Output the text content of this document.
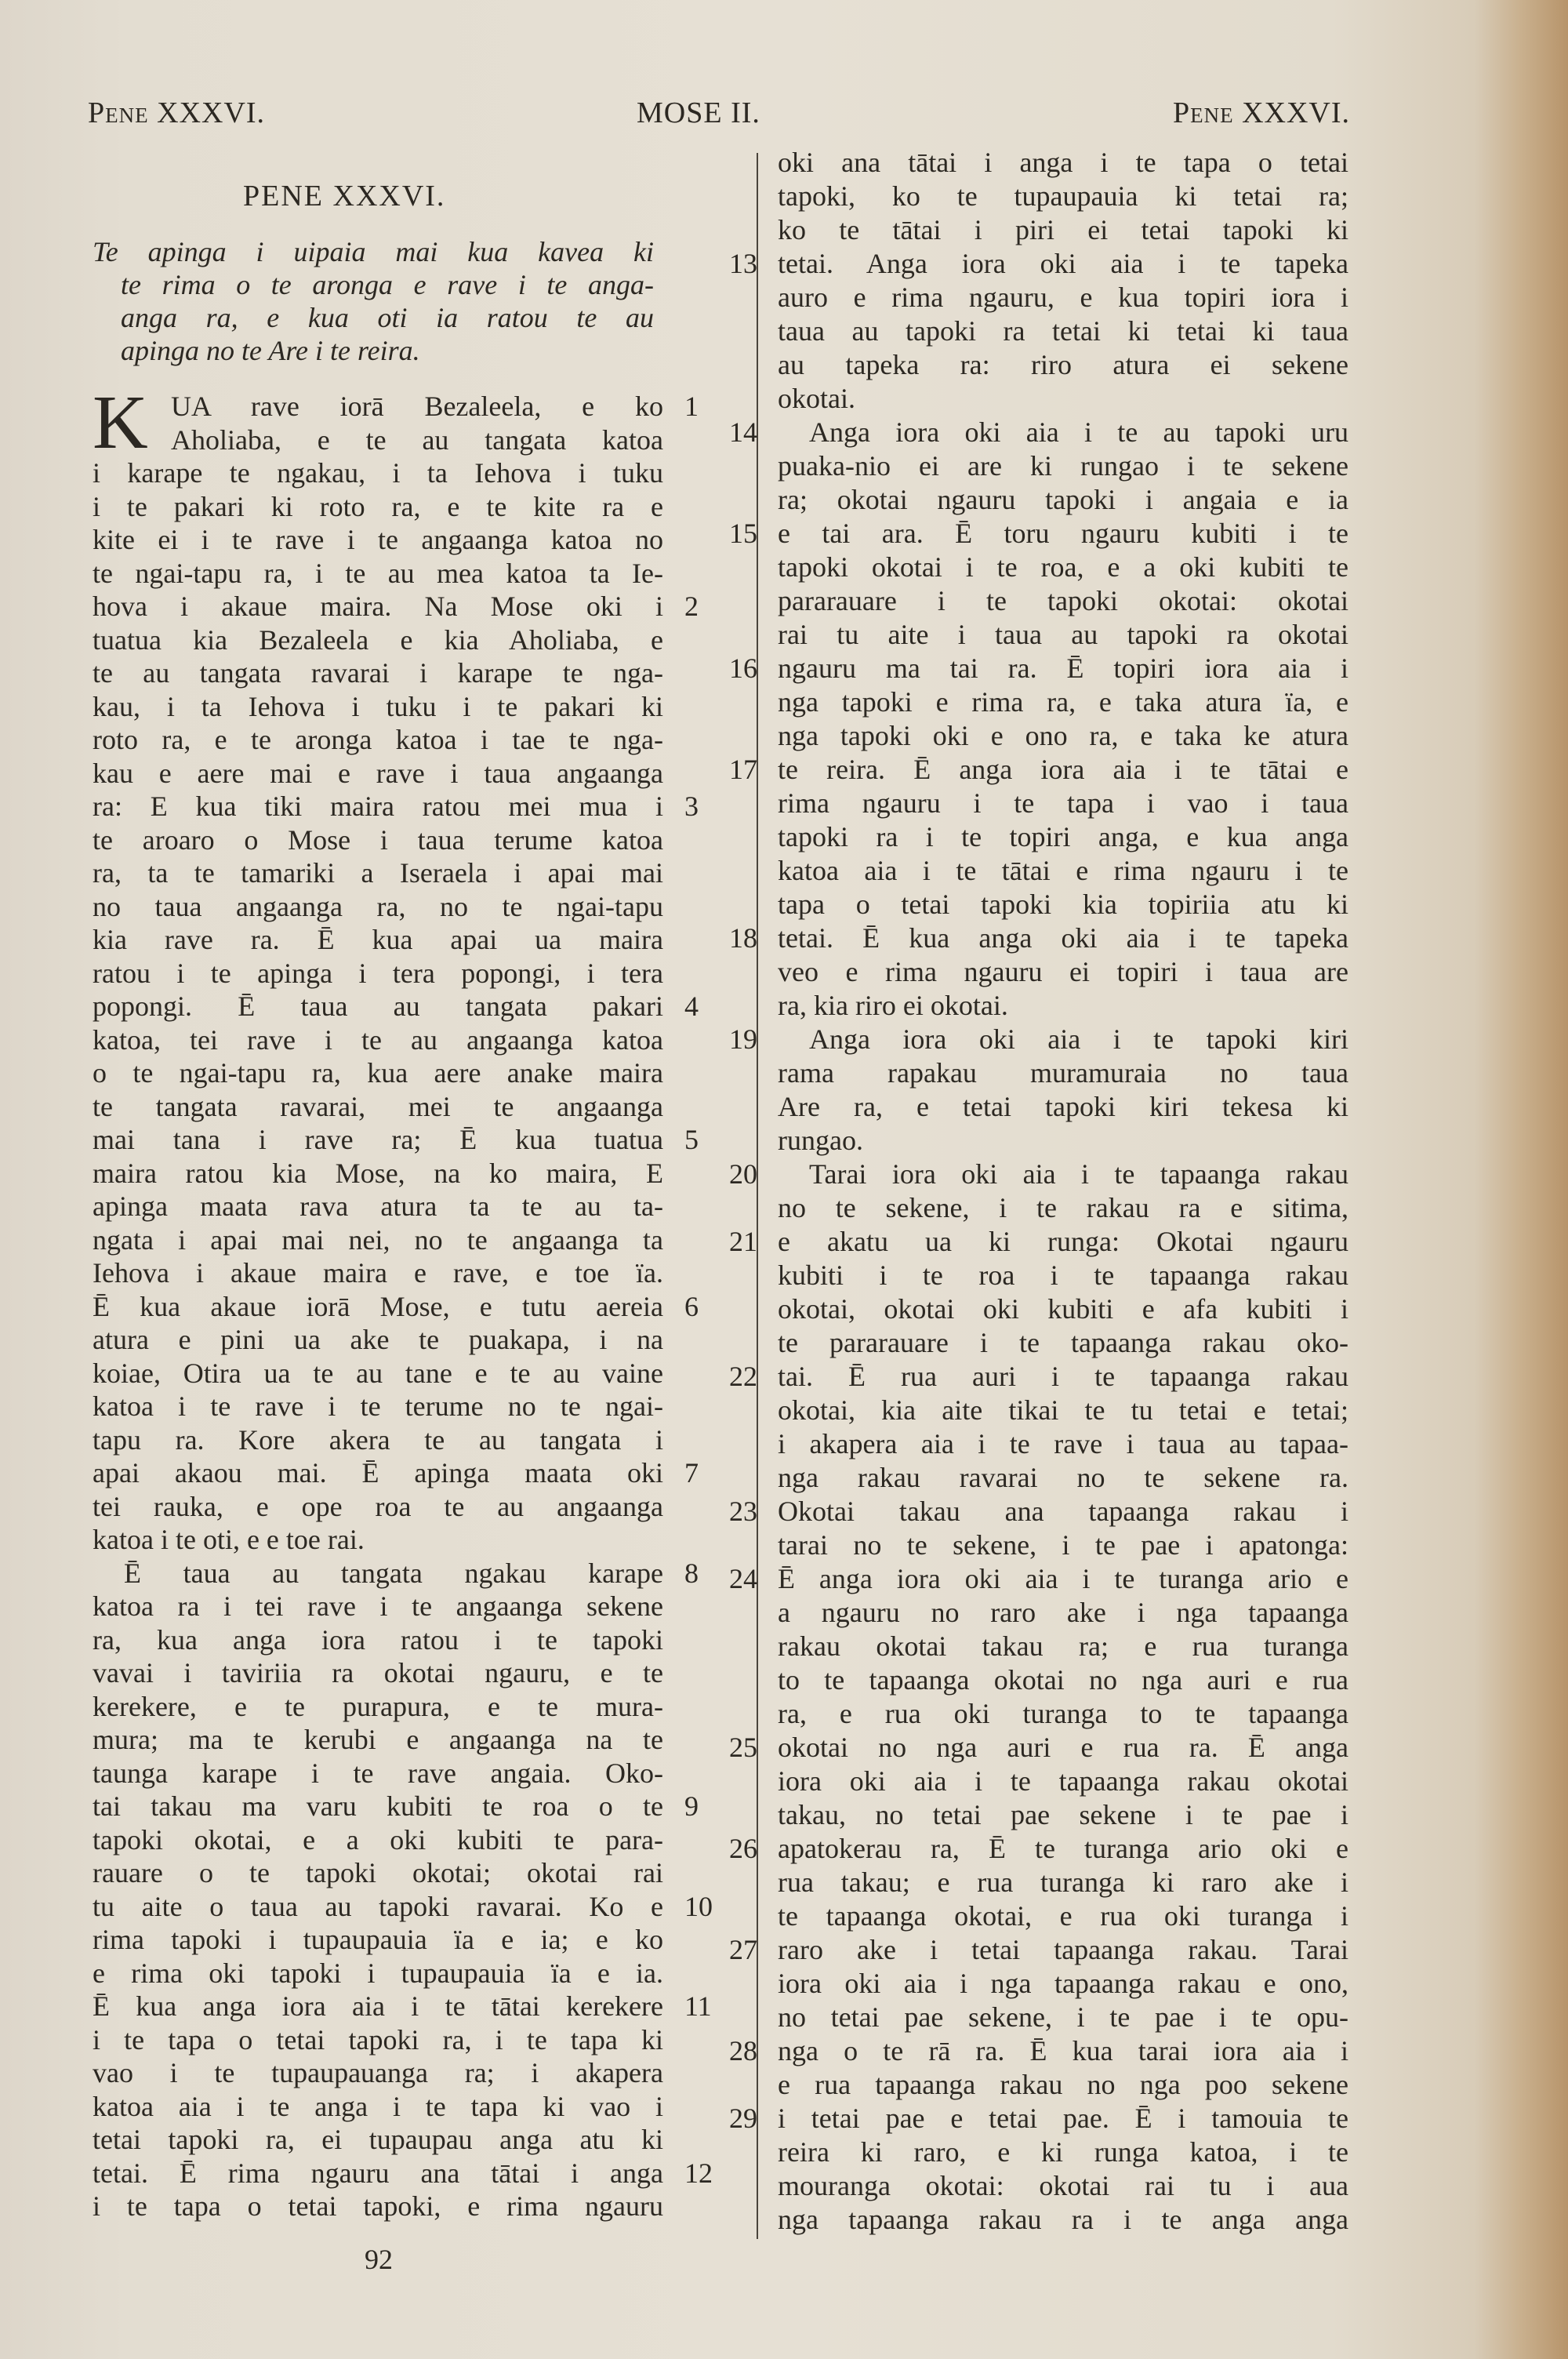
Pene XXXVI.	MOSE II.	Pene XXXVI.
PENE XXXVI.
Te apinga i uipaia mai kua kavea ki
te rima o te aronga e rave i te anga-
anga ra, e kua oti ia ratou te au
apinga no te Are i te reira.
K UA rave iorā Bezaleela, e ko 1
Aholiaba, e te au tangata katoa
i karape te ngakau, i ta Iehova i tuku
i te pakari ki roto ra, e te kite ra e
kite ei i te rave i te angaanga katoa no
te ngai-tapu ra, i te au mea katoa ta Ie-
hova i akaue maira. Na Mose oki i 2
tuatua kia Bezaleela e kia Aholiaba, e
te au tangata ravarai i karape te nga-
kau, i ta Iehova i tuku i te pakari ki
roto ra, e te aronga katoa i tae te nga-
kau e aere mai e rave i taua angaanga
ra: E kua tiki maira ratou mei mua i 3
te aroaro o Mose i taua terume katoa
ra, ta te tamariki a Iseraela i apai mai
no taua angaanga ra, no te ngai-tapu
kia rave ra. Ē kua apai ua maira
ratou i te apinga i tera popongi, i tera
popongi. Ē taua au tangata pakari 4
katoa, tei rave i te au angaanga katoa
o te ngai-tapu ra, kua aere anake maira
te tangata ravarai, mei te angaanga
mai tana i rave ra; Ē kua tuatua 5
maira ratou kia Mose, na ko maira, E
apinga maata rava atura ta te au ta-
ngata i apai mai nei, no te angaanga ta
Iehova i akaue maira e rave, e toe ïa.
Ē kua akaue iorā Mose, e tutu aereia 6
atura e pini ua ake te puakapa, i na
koiae, Otira ua te au tane e te au vaine
katoa i te rave i te terume no te ngai-
tapu ra. Kore akera te au tangata i
apai akaou mai. Ē apinga maata oki 7
tei rauka, e ope roa te au angaanga
katoa i te oti, e e toe rai.
Ē taua au tangata ngakau karape 8
katoa ra i tei rave i te angaanga sekene
ra, kua anga iora ratou i te tapoki
vavai i taviriia ra okotai ngauru, e te
kerekere, e te purapura, e te mura-
mura; ma te kerubi e angaanga na te
taunga karape i te rave angaia. Oko-
tai takau ma varu kubiti te roa o te 9
tapoki okotai, e a oki kubiti te para-
rauare o te tapoki okotai; okotai rai
tu aite o taua au tapoki ravarai. Ko e 10
rima tapoki i tupaupauia ïa e ia; e ko
e rima oki tapoki i tupaupauia ïa e ia.
Ē kua anga iora aia i te tātai kerekere 11
i te tapa o tetai tapoki ra, i te tapa ki
vao i te tupaupauanga ra; i akapera
katoa aia i te anga i te tapa ki vao i
tetai tapoki ra, ei tupaupau anga atu ki
tetai. Ē rima ngauru ana tātai i anga 12
i te tapa o tetai tapoki, e rima ngauru
oki ana tātai i anga i te tapa o tetai
tapoki, ko te tupaupauia ki tetai ra;
ko te tātai i piri ei tetai tapoki ki
tetai. Anga iora oki aia i te tapeka
13
auro e rima ngauru, e kua topiri iora i
taua au tapoki ra tetai ki tetai ki taua
au tapeka ra: riro atura ei sekene
okotai.
Anga iora oki aia i te au tapoki uru
14
puaka-nio ei are ki rungao i te sekene
ra; okotai ngauru tapoki i angaia e ia
e tai ara. Ē toru ngauru kubiti i te
15
tapoki okotai i te roa, e a oki kubiti te
pararauare i te tapoki okotai: okotai
rai tu aite i taua au tapoki ra okotai
ngauru ma tai ra. Ē topiri iora aia i
16
nga tapoki e rima ra, e taka atura ïa, e
nga tapoki oki e ono ra, e taka ke atura
te reira. Ē anga iora aia i te tātai e
17
rima ngauru i te tapa i vao i taua
tapoki ra i te topiri anga, e kua anga
katoa aia i te tātai e rima ngauru i te
tapa o tetai tapoki kia topiriia atu ki
tetai. Ē kua anga oki aia i te tapeka
18
veo e rima ngauru ei topiri i taua are
ra, kia riro ei okotai.
Anga iora oki aia i te tapoki kiri
19
rama rapakau muramuraia no taua
Are ra, e tetai tapoki kiri tekesa ki
rungao.
Tarai iora oki aia i te tapaanga rakau
20
no te sekene, i te rakau ra e sitima,
e akatu ua ki runga: Okotai ngauru
21
kubiti i te roa i te tapaanga rakau
okotai, okotai oki kubiti e afa kubiti i
te pararauare i te tapaanga rakau oko-
tai. Ē rua auri i te tapaanga rakau
22
okotai, kia aite tikai te tu tetai e tetai;
i akapera aia i te rave i taua au tapaa-
nga rakau ravarai no te sekene ra.
Okotai takau ana tapaanga rakau i
23
tarai no te sekene, i te pae i apatonga:
Ē anga iora oki aia i te turanga ario e
24
a ngauru no raro ake i nga tapaanga
rakau okotai takau ra; e rua turanga
to te tapaanga okotai no nga auri e rua
ra, e rua oki turanga to te tapaanga
okotai no nga auri e rua ra. Ē anga
25
iora oki aia i te tapaanga rakau okotai
takau, no tetai pae sekene i te pae i
apatokerau ra, Ē te turanga ario oki e
26
rua takau; e rua turanga ki raro ake i
te tapaanga okotai, e rua oki turanga i
raro ake i tetai tapaanga rakau. Tarai
27
iora oki aia i nga tapaanga rakau e ono,
no tetai pae sekene, i te pae i te opu-
nga o te rā ra. Ē kua tarai iora aia i
28
e rua tapaanga rakau no nga poo sekene
i tetai pae e tetai pae. Ē i tamouia te
29
reira ki raro, e ki runga katoa, i te
mouranga okotai: okotai rai tu i aua
nga tapaanga rakau ra i te anga anga
92
